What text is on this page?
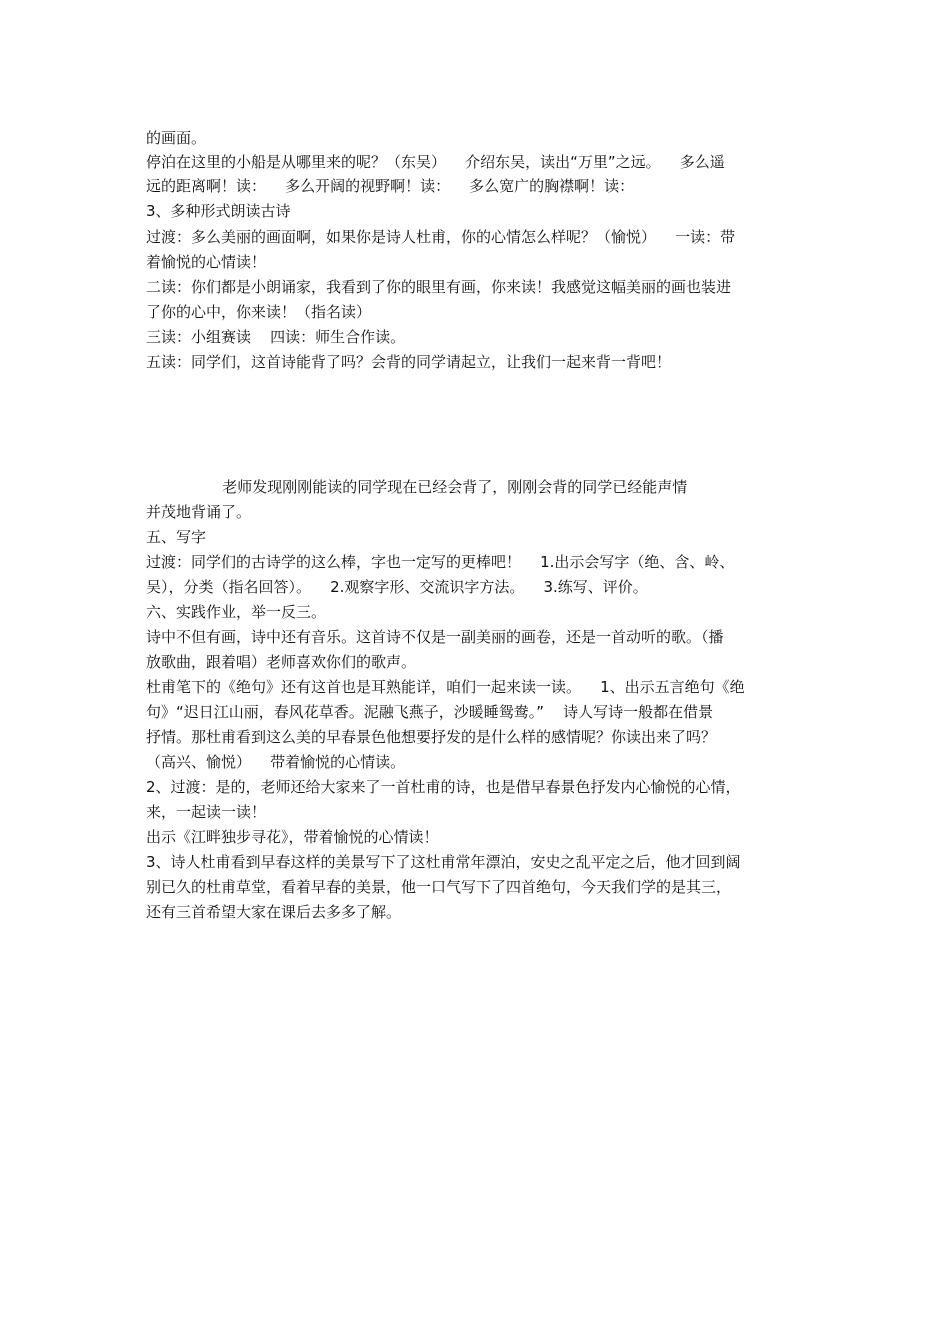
的画面。
停泊在这里的小船是从哪里来的呢？（东吴）    介绍东吴，读出“万里”之远。    多么遥
远的距离啊！读：    多么开阔的视野啊！读：    多么宽广的胸襟啊！读：
3、多种形式朗读古诗
过渡：多么美丽的画面啊，如果你是诗人杜甫，你的心情怎么样呢？（愉悦）    一读：带
着愉悦的心情读！
二读：你们都是小朗诵家，我看到了你的眼里有画，你来读！我感觉这幅美丽的画也装进
了你的心中，你来读！（指名读）
三读：小组赛读    四读：师生合作读。
五读：同学们，这首诗能背了吗？会背的同学请起立，让我们一起来背一背吧！
老师发现刚刚能读的同学现在已经会背了，刚刚会背的同学已经能声情
并茂地背诵了。
五、写字
过渡：同学们的古诗学的这么棒，字也一定写的更棒吧！    1.出示会写字（绝、含、岭、
吴），分类（指名回答）。    2.观察字形、交流识字方法。    3.练写、评价。
六、实践作业，举一反三。
诗中不但有画，诗中还有音乐。这首诗不仅是一副美丽的画卷，还是一首动听的歌。（播
放歌曲，跟着唱）老师喜欢你们的歌声。
杜甫笔下的《绝句》还有这首也是耳熟能详，咱们一起来读一读。    1、出示五言绝句《绝
句》“迟日江山丽，春风花草香。泥融飞燕子，沙暖睡鸳鸯。”    诗人写诗一般都在借景
抒情。那杜甫看到这么美的早春景色他想要抒发的是什么样的感情呢？你读出来了吗？
（高兴、愉悦）    带着愉悦的心情读。
2、过渡：是的，老师还给大家来了一首杜甫的诗，也是借早春景色抒发内心愉悦的心情，
来，一起读一读！
出示《江畔独步寻花》，带着愉悦的心情读！
3、诗人杜甫看到早春这样的美景写下了这杜甫常年漂泊，安史之乱平定之后，他才回到阔
别已久的杜甫草堂，看着早春的美景，他一口气写下了四首绝句，今天我们学的是其三，
还有三首希望大家在课后去多多了解。
